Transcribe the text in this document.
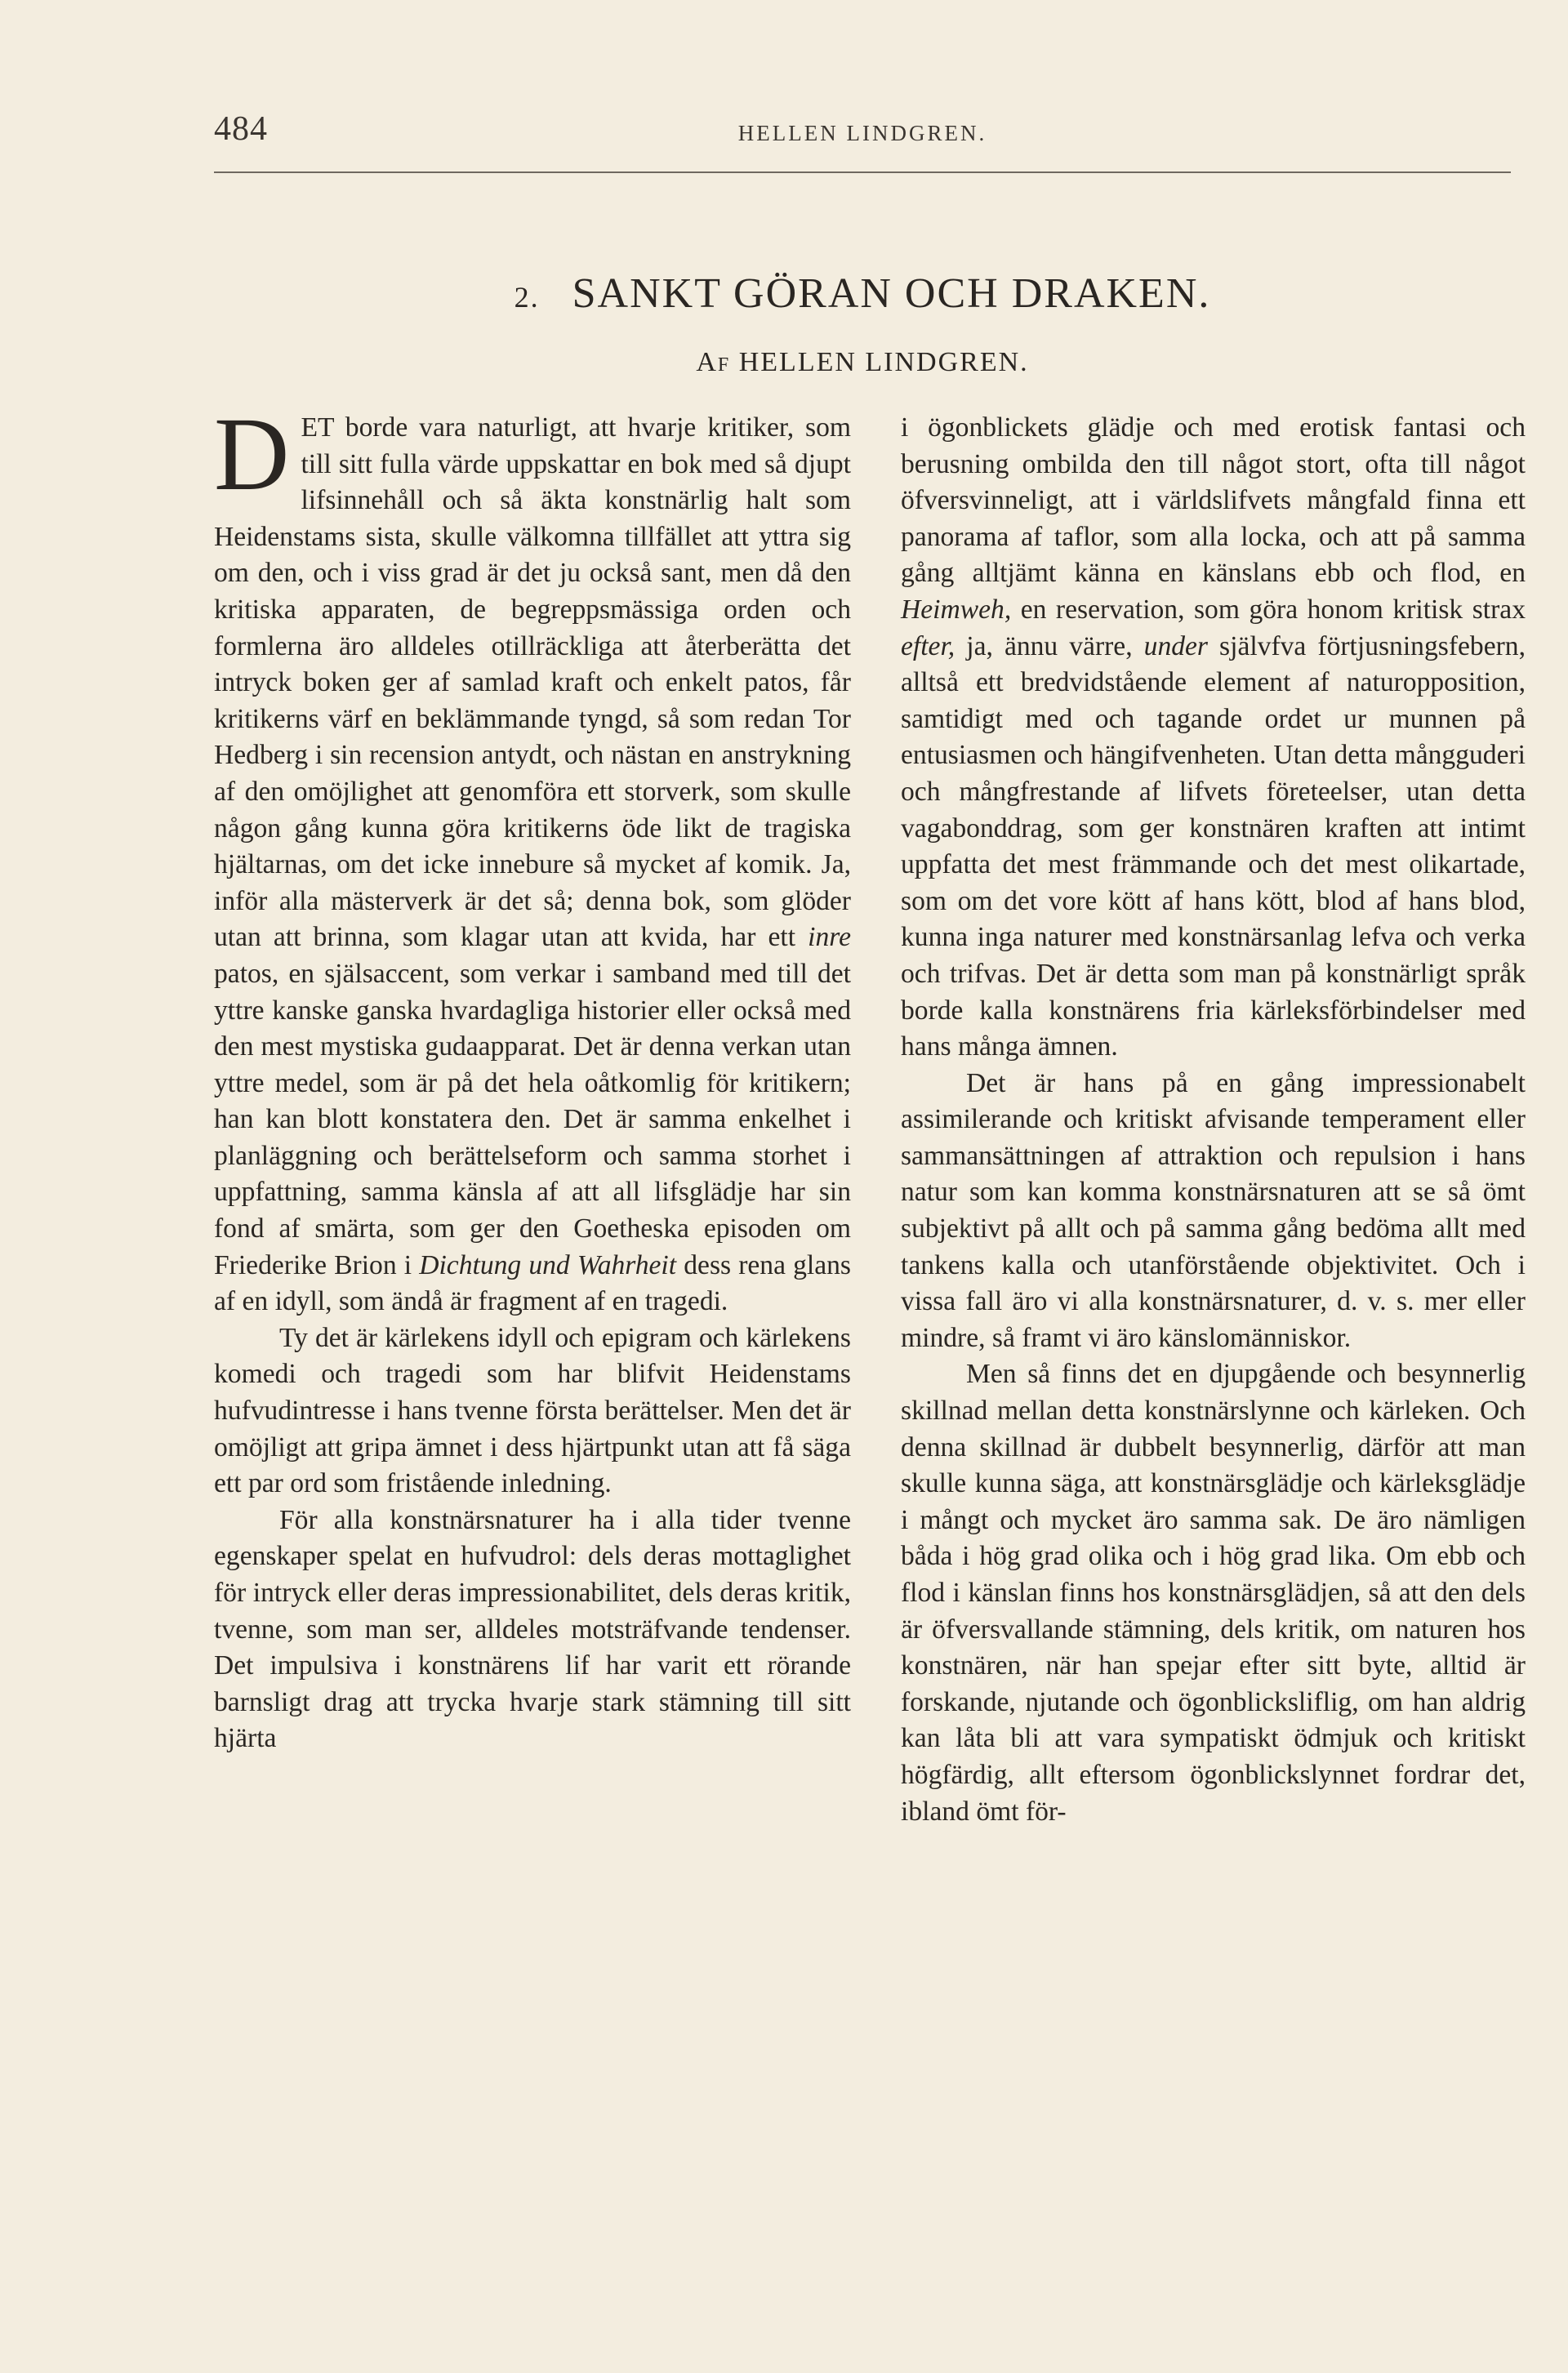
484	HELLEN LINDGREN.
2. SANKT GÖRAN OCH DRAKEN.
Af HELLEN LINDGREN.

DET borde vara naturligt, att hvarje kritiker, som till sitt fulla värde uppskattar en bok med så djupt lifsinnehåll och så äkta konstnärlig halt som Heidenstams sista, skulle välkomna tillfället att yttra sig om den, och i viss grad är det ju också sant, men då den kritiska apparaten, de begreppsmässiga orden och formlerna äro alldeles otillräckliga att återberätta det intryck boken ger af samlad kraft och enkelt patos, får kritikerns värf en beklämmande tyngd, så som redan Tor Hedberg i sin recension antydt, och nästan en anstrykning af den omöjlighet att genomföra ett storverk, som skulle någon gång kunna göra kritikerns öde likt de tragiska hjältarnas, om det icke innebure så mycket af komik. Ja, inför alla mästerverk är det så; denna bok, som glöder utan att brinna, som klagar utan att kvida, har ett inre patos, en själsaccent, som verkar i samband med till det yttre kanske ganska hvardagliga historier eller också med den mest mystiska gudaapparat. Det är denna verkan utan yttre medel, som är på det hela oåtkomlig för kritikern; han kan blott konstatera den. Det är samma enkelhet i planläggning och berättelseform och samma storhet i uppfattning, samma känsla af att all lifsglädje har sin fond af smärta, som ger den Goetheska episoden om Friederike Brion i Dichtung und Wahrheit dess rena glans af en idyll, som ändå är fragment af en tragedi.

Ty det är kärlekens idyll och epigram och kärlekens komedi och tragedi som har blifvit Heidenstams hufvudintresse i hans tvenne första berättelser. Men det är omöjligt att gripa ämnet i dess hjärtpunkt utan att få säga ett par ord som fristående inledning.

För alla konstnärsnaturer ha i alla tider tvenne egenskaper spelat en hufvudrol: dels deras mottaglighet för intryck eller deras impressionabilitet, dels deras kritik, tvenne, som man ser, alldeles motsträfvande tendenser. Det impulsiva i konstnärens lif har varit ett rörande barnsligt drag att trycka hvarje stark stämning till sitt hjärta

i ögonblickets glädje och med erotisk fantasi och berusning ombilda den till något stort, ofta till något öfversvinneligt, att i världslifvets mångfald finna ett panorama af taflor, som alla locka, och att på samma gång alltjämt känna en känslans ebb och flod, en Heimweh, en reservation, som göra honom kritisk strax efter, ja, ännu värre, under självfva förtjusningsfebern, alltså ett bredvidstående element af naturopposition, samtidigt med och tagande ordet ur munnen på entusiasmen och hängifvenheten. Utan detta mångguderi och mångfrestande af lifvets företeelser, utan detta vagabonddrag, som ger konstnären kraften att intimt uppfatta det mest främmande och det mest olikartade, som om det vore kött af hans kött, blod af hans blod, kunna inga naturer med konstnärsanlag lefva och verka och trifvas. Det är detta som man på konstnärligt språk borde kalla konstnärens fria kärleksförbindelser med hans många ämnen.

Det är hans på en gång impressionabelt assimilerande och kritiskt afvisande temperament eller sammansättningen af attraktion och repulsion i hans natur som kan komma konstnärsnaturen att se så ömt subjektivt på allt och på samma gång bedöma allt med tankens kalla och utanförstående objektivitet. Och i vissa fall äro vi alla konstnärsnaturer, d. v. s. mer eller mindre, så framt vi äro känslomänniskor.

Men så finns det en djupgående och besynnerlig skillnad mellan detta konstnärslynne och kärleken. Och denna skillnad är dubbelt besynnerlig, därför att man skulle kunna säga, att konstnärsglädje och kärleksglädje i mångt och mycket äro samma sak. De äro nämligen båda i hög grad olika och i hög grad lika. Om ebb och flod i känslan finns hos konstnärsglädjen, så att den dels är öfversvallande stämning, dels kritik, om naturen hos konstnären, när han spejar efter sitt byte, alltid är forskande, njutande och ögonblicksliflig, om han aldrig kan låta bli att vara sympatiskt ödmjuk och kritiskt högfärdig, allt eftersom ögonblickslynnet fordrar det, ibland ömt för-
